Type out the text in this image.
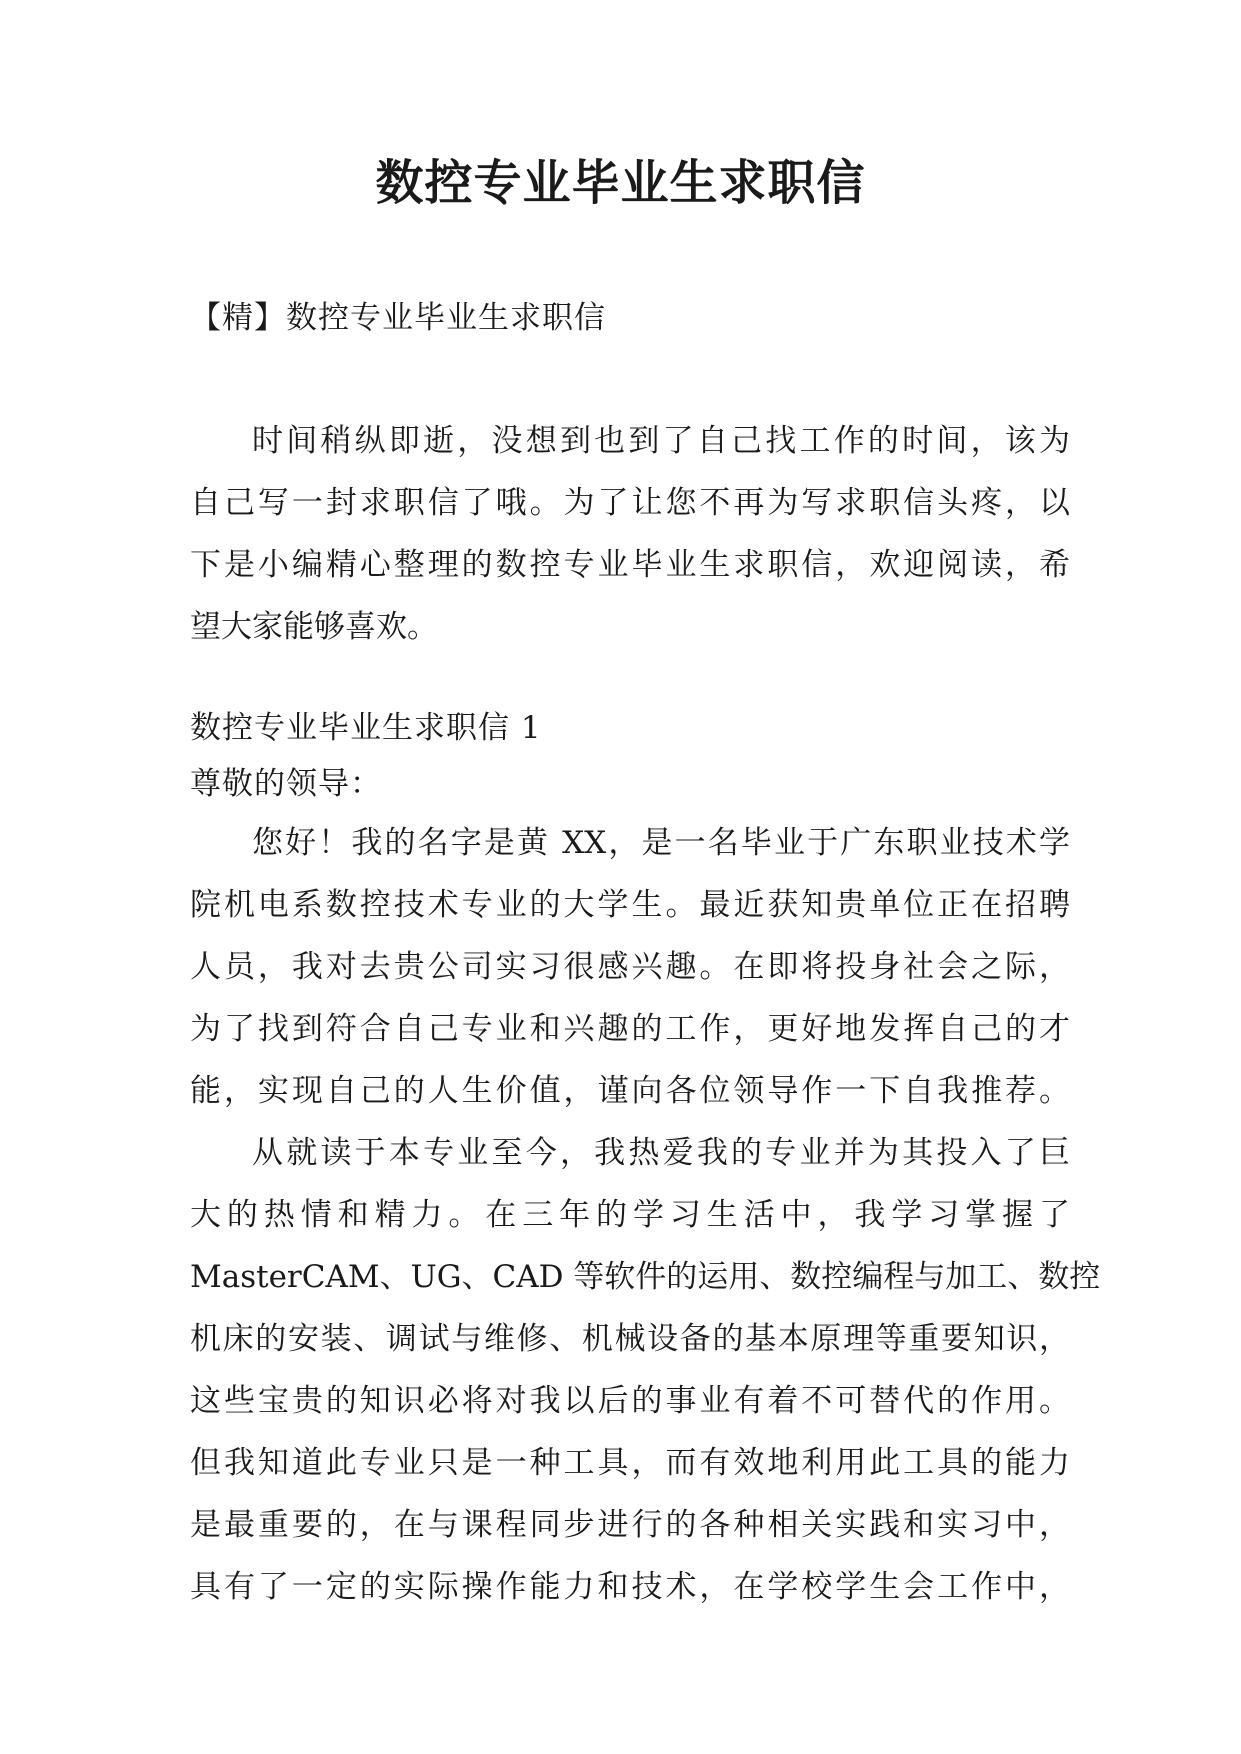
数控专业毕业生求职信
【精】数控专业毕业生求职信
时间稍纵即逝，没想到也到了自己找工作的时间，该为
自己写一封求职信了哦。为了让您不再为写求职信头疼，以
下是小编精心整理的数控专业毕业生求职信，欢迎阅读，希
望大家能够喜欢。
数控专业毕业生求职信 1
尊敬的领导：
您好！我的名字是黄 XX，是一名毕业于广东职业技术学
院机电系数控技术专业的大学生。最近获知贵单位正在招聘
人员，我对去贵公司实习很感兴趣。在即将投身社会之际，
为了找到符合自己专业和兴趣的工作，更好地发挥自己的才
能，实现自己的人生价值，谨向各位领导作一下自我推荐。
从就读于本专业至今，我热爱我的专业并为其投入了巨
大的热情和精力。在三年的学习生活中，我学习掌握了
MasterCAM、UG、CAD 等软件的运用、数控编程与加工、数控
机床的安装、调试与维修、机械设备的基本原理等重要知识，
这些宝贵的知识必将对我以后的事业有着不可替代的作用。
但我知道此专业只是一种工具，而有效地利用此工具的能力
是最重要的，在与课程同步进行的各种相关实践和实习中，
具有了一定的实际操作能力和技术，在学校学生会工作中，
